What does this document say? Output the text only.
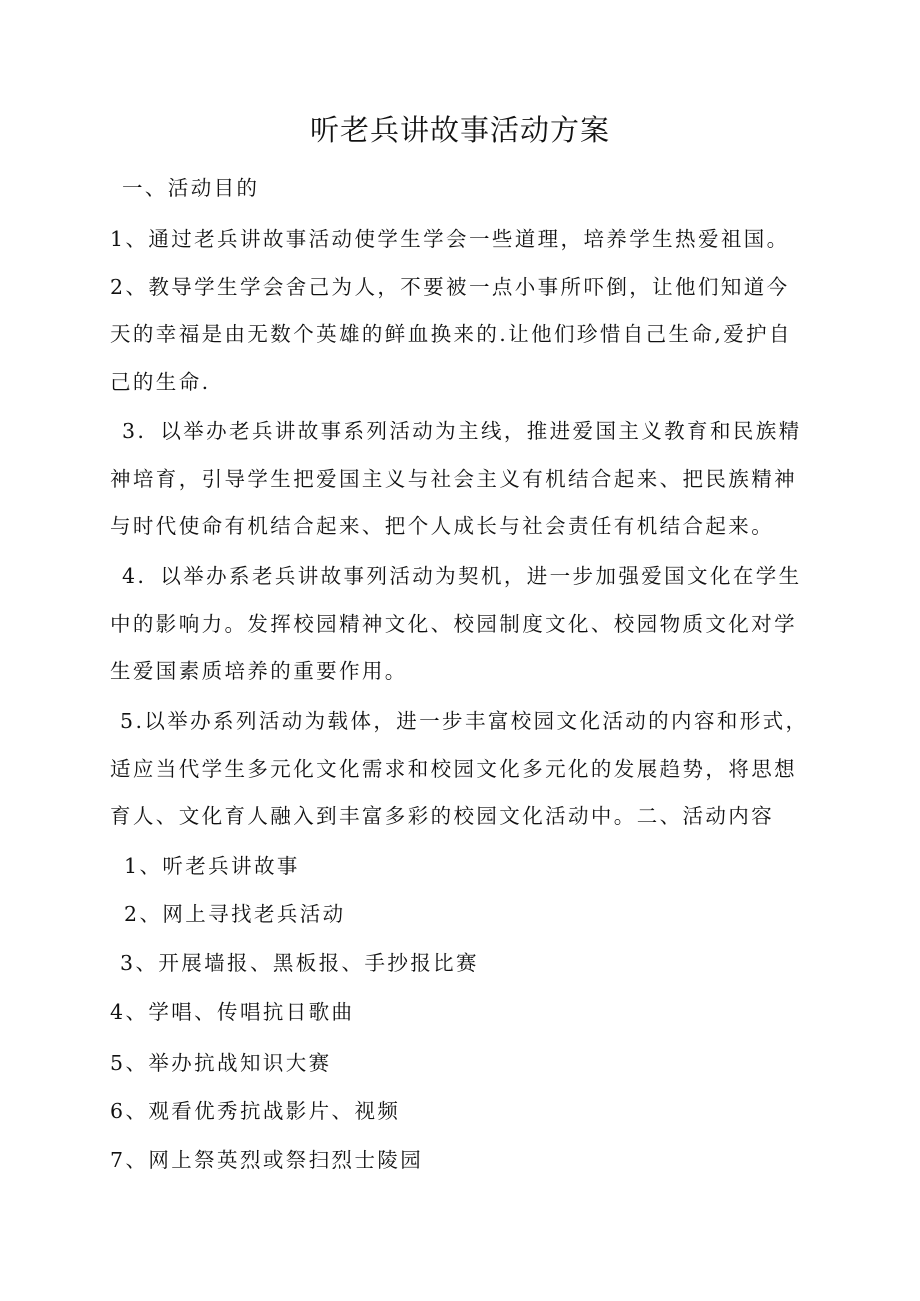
听老兵讲故事活动方案
一、活动目的
1、通过老兵讲故事活动使学生学会一些道理，培养学生热爱祖国。
2、教导学生学会舍己为人，不要被一点小事所吓倒，让他们知道今
天的幸福是由无数个英雄的鲜血换来的.让他们珍惜自己生命,爱护自
己的生命.
3．以举办老兵讲故事系列活动为主线，推进爱国主义教育和民族精
神培育，引导学生把爱国主义与社会主义有机结合起来、把民族精神
与时代使命有机结合起来、把个人成长与社会责任有机结合起来。
4．以举办系老兵讲故事列活动为契机，进一步加强爱国文化在学生
中的影响力。发挥校园精神文化、校园制度文化、校园物质文化对学
生爱国素质培养的重要作用。
5.以举办系列活动为载体，进一步丰富校园文化活动的内容和形式，
适应当代学生多元化文化需求和校园文化多元化的发展趋势，将思想
育人、文化育人融入到丰富多彩的校园文化活动中。二、活动内容
1、听老兵讲故事
2、网上寻找老兵活动
3、开展墙报、黑板报、手抄报比赛
4、学唱、传唱抗日歌曲
5、举办抗战知识大赛
6、观看优秀抗战影片、视频
7、网上祭英烈或祭扫烈士陵园
